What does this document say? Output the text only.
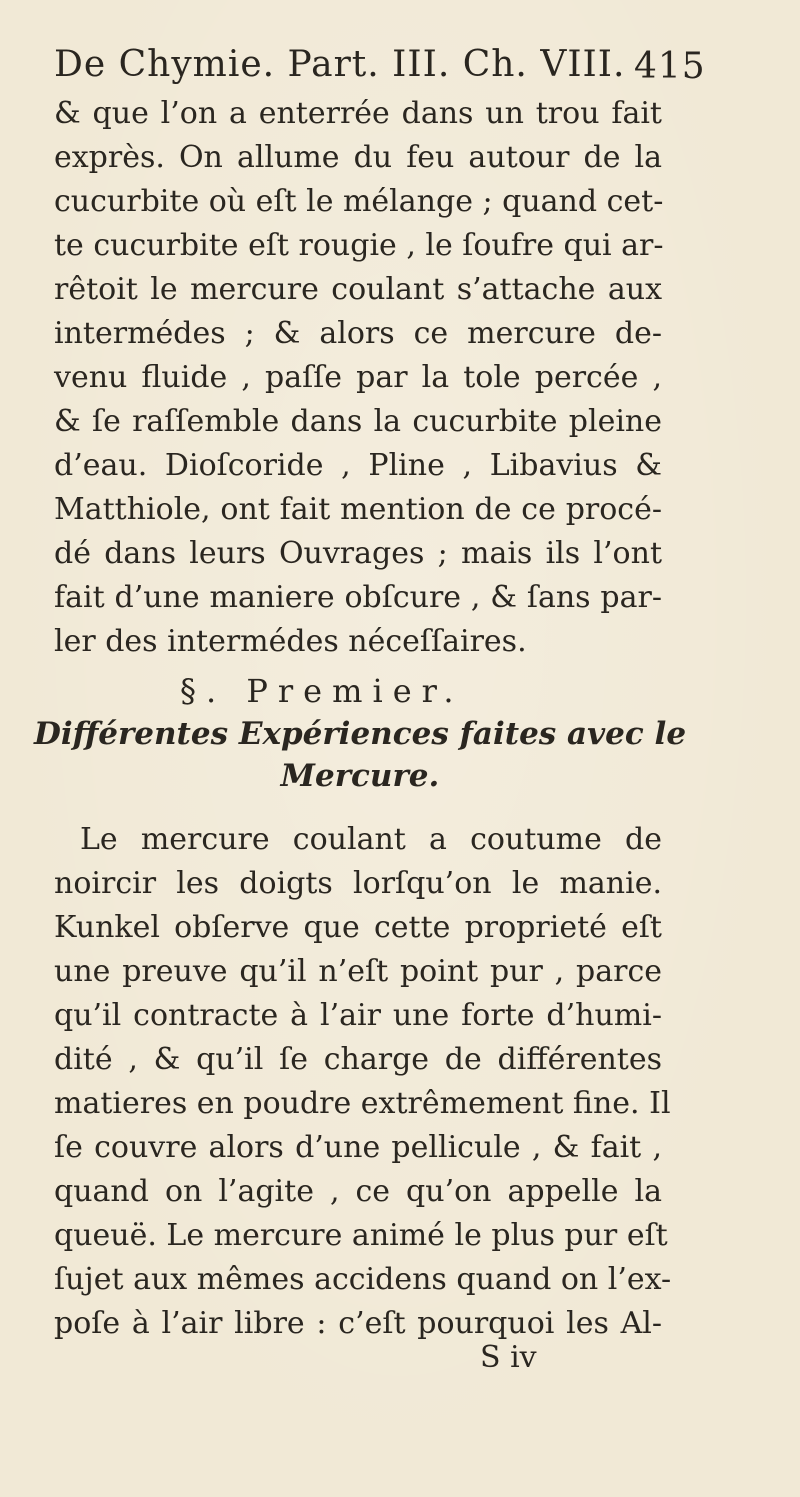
De Chymie. Part. III. Ch. VIII. 415
& que l’on a enterrée dans un trou fait
exprès. On allume du feu autour de la
cucurbite où eſt le mélange ; quand cet-
te cucurbite eſt rougie , le ſoufre qui ar-
rêtoit le mercure coulant s’attache aux
intermédes ; & alors ce mercure de-
venu fluide , paſſe par la tole percée ,
& ſe raſſemble dans la cucurbite pleine
d’eau. Dioſcoride , Pline , Libavius &
Matthiole, ont fait mention de ce procé-
dé dans leurs Ouvrages ; mais ils l’ont
fait d’une maniere obſcure , & ſans par-
ler des intermédes néceſſaires.
§. Premier.
Différentes Expériences faites avec le
Mercure.
Le mercure coulant a coutume de
noircir les doigts lorſqu’on le manie.
Kunkel obſerve que cette proprieté eſt
une preuve qu’il n’eſt point pur , parce
qu’il contracte à l’air une forte d’humi-
dité , & qu’il ſe charge de différentes
matieres en poudre extrêmement fine. Il
ſe couvre alors d’une pellicule , & fait ,
quand on l’agite , ce qu’on appelle la
queuë. Le mercure animé le plus pur eſt
ſujet aux mêmes accidens quand on l’ex-
poſe à l’air libre : c’eſt pourquoi les Al-
S iv
